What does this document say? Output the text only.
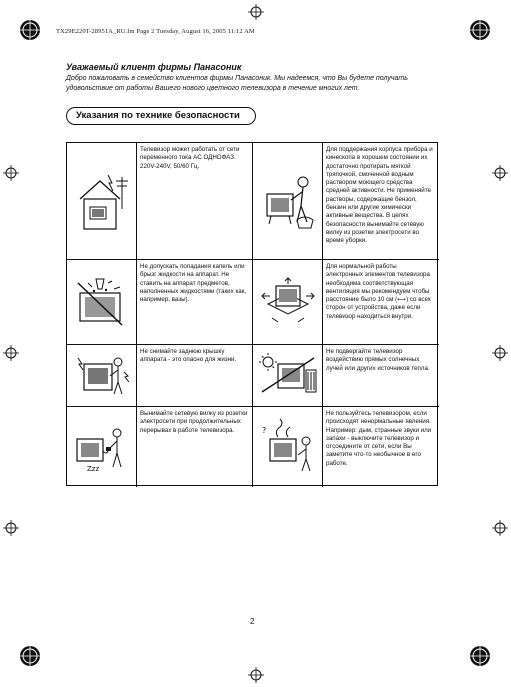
TX29E220T-28951A_RU.fm Page 2 Tuesday, August 16, 2005 11:12 AM
Уважаемый клиент фирмы Панасоник
Добро пожаловать в семейство клиентов фирмы Панасоник. Мы надеемся, что Вы будете получать удовольствие от работы Вашего нового цветного телевизора в течение многих лет.
Указания по технике безопасности
Телевизор может работать от сети переменного тока AC ОДНОФАЗ. 220V-240V, 50/60 Гц.
Для поддержания корпуса прибора и кинескопа в хорошем состоянии их достаточно протирать мягкой тряпочкой, смоченной водным раствором моющего средства средней активности. Не применяйте растворы, содержащие бензол, бензин или другие химически активные вещества. В целях безопасности вынимайте сетевую вилку из розетки электросети во время уборки.
Не допускать попадания капель или брызг жидкости на аппарат. Не ставить на аппарат предметов, наполненных жидкостями (таких как, например, вазы).
Для нормальной работы электронных элементов телевизора необходима соответствующая вентиляция мы рекомендуем чтобы расстояние было 10 см (⟷) со всех сторон от устройства, даже если телевизор находиться внутри.
Не снимайте заднюю крышку аппарата - это опасно для жизни.
Не подвергайте телевизор воздействию прямых солнечных лучей или других источников тепла.
Zzz
Вынимайте сетевую вилку из розетки электросети при продолжительных перерывах в работе телевизора.	?
Не пользуйтесь телевизором, если происходят ненормальные явления. Например: дым, странные звуки или запахи - выключите телевизор и отсоедините от сети, если Вы заметите что-то необычное в его работе.
2
